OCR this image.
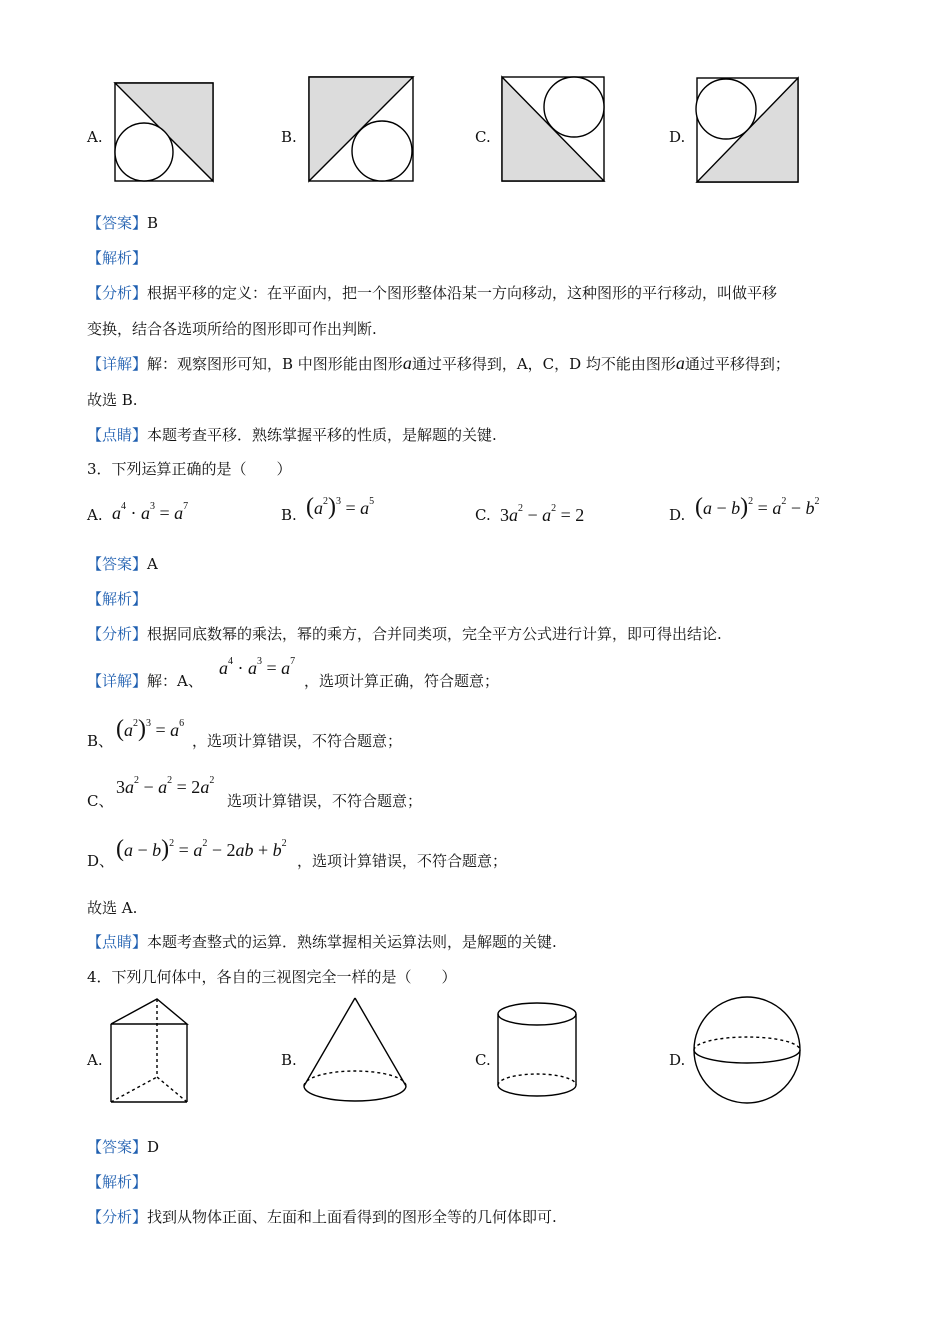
A.	B.	C.	D.
【答案】B
【解析】
【分析】根据平移的定义：在平面内，把一个图形整体沿某一方向移动，这种图形的平行移动，叫做平移
变换，结合各选项所给的图形即可作出判断.
【详解】解：观察图形可知，B 中图形能由图形a通过平移得到，A，C，D 均不能由图形a通过平移得到；
故选 B.
【点睛】本题考查平移．熟练掌握平移的性质，是解题的关键.
3．下列运算正确的是（　　）
A. $a^4 \cdot a^3 = a^7$	B. $(a^2)^3 = a^5$
C. $3a^2 - a^2 = 2$	D. $(a - b)^2 = a^2 - b^2$
【答案】A
【解析】
【分析】根据同底数幂的乘法，幂的乘方，合并同类项，完全平方公式进行计算，即可得出结论.
【详解】解：A、
$a^4 \cdot a^3 = a^7$
，选项计算正确，符合题意；
B、 $(a^2)^3 = a^6$
，选项计算错误，不符合题意；
C、
$3a^2 - a^2 = 2a^2$
选项计算错误，不符合题意；
D、 $(a - b)^2 = a^2 - 2ab + b^2$
，选项计算错误，不符合题意；
故选 A.
【点睛】本题考查整式的运算．熟练掌握相关运算法则，是解题的关键.
4．下列几何体中，各自的三视图完全一样的是（　　）
A.	B.	C.	D.
【答案】D
【解析】
【分析】找到从物体正面、左面和上面看得到的图形全等的几何体即可.
